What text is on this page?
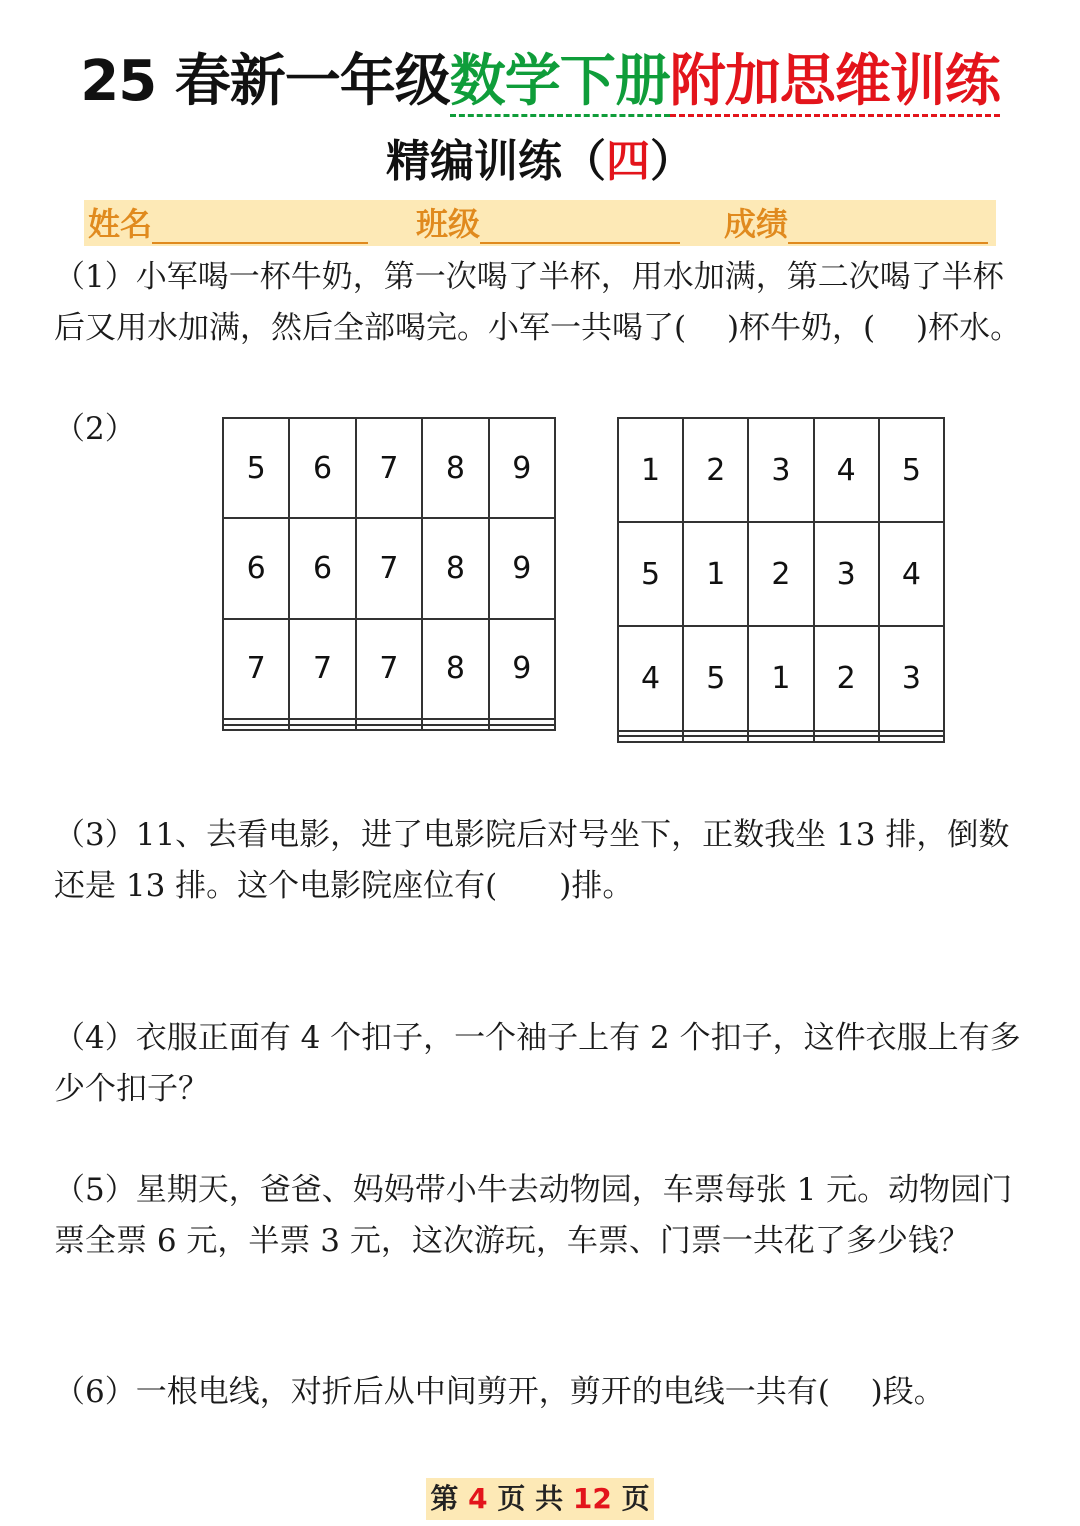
25 春新一年级数学下册附加思维训练
精编训练（四）
姓名	班级	成绩
（1）小军喝一杯牛奶，第一次喝了半杯，用水加满，第二次喝了半杯后又用水加满，然后全部喝完。小军一共喝了(　 )杯牛奶，(　 )杯水。
（2）
5	6	7	8	9
6	6	7	8	9
7	7	7	8	9

1	2	3	4	5
5	1	2	3	4
4	5	1	2	3

（3）11、去看电影，进了电影院后对号坐下，正数我坐 13 排，倒数还是 13 排。这个电影院座位有(　　)排。
（4）衣服正面有 4 个扣子，一个袖子上有 2 个扣子，这件衣服上有多少个扣子？
（5）星期天，爸爸、妈妈带小牛去动物园，车票每张 1 元。动物园门票全票 6 元，半票 3 元，这次游玩，车票、门票一共花了多少钱？
（6）一根电线，对折后从中间剪开，剪开的电线一共有(　 )段。
第 4 页 共 12 页
